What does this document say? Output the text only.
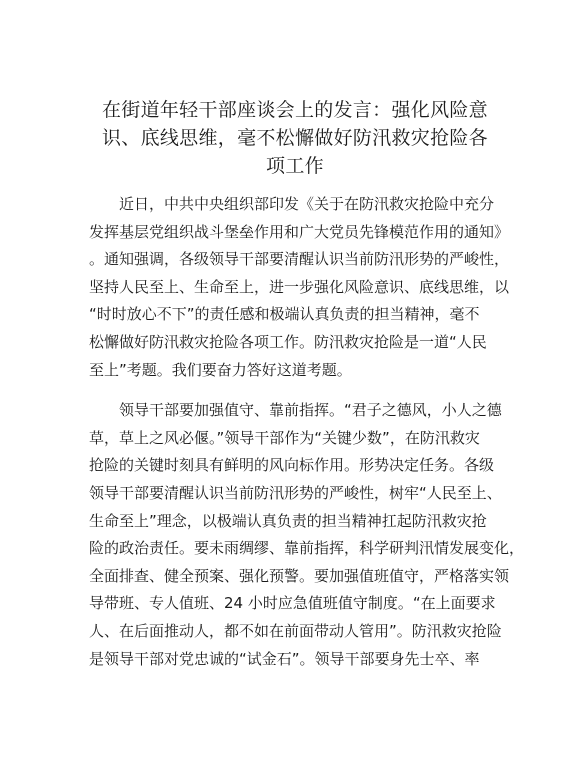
在街道年轻干部座谈会上的发言：强化风险意
识、底线思维，毫不松懈做好防汛救灾抢险各
项工作
近日，中共中央组织部印发《关于在防汛救灾抢险中充分
发挥基层党组织战斗堡垒作用和广大党员先锋模范作用的通知》
。通知强调，各级领导干部要清醒认识当前防汛形势的严峻性，
坚持人民至上、生命至上，进一步强化风险意识、底线思维，以
“时时放心不下”的责任感和极端认真负责的担当精神，毫不
松懈做好防汛救灾抢险各项工作。防汛救灾抢险是一道“人民
至上”考题。我们要奋力答好这道考题。
领导干部要加强值守、靠前指挥。“君子之德风，小人之德
草，草上之风必偃。”领导干部作为“关键少数”，在防汛救灾
抢险的关键时刻具有鲜明的风向标作用。形势决定任务。各级
领导干部要清醒认识当前防汛形势的严峻性，树牢“人民至上、
生命至上”理念，以极端认真负责的担当精神扛起防汛救灾抢
险的政治责任。要未雨绸缪、靠前指挥，科学研判汛情发展变化，
全面排查、健全预案、强化预警。要加强值班值守，严格落实领
导带班、专人值班、24 小时应急值班值守制度。“在上面要求
人、在后面推动人，都不如在前面带动人管用”。防汛救灾抢险
是领导干部对党忠诚的“试金石”。领导干部要身先士卒、率
